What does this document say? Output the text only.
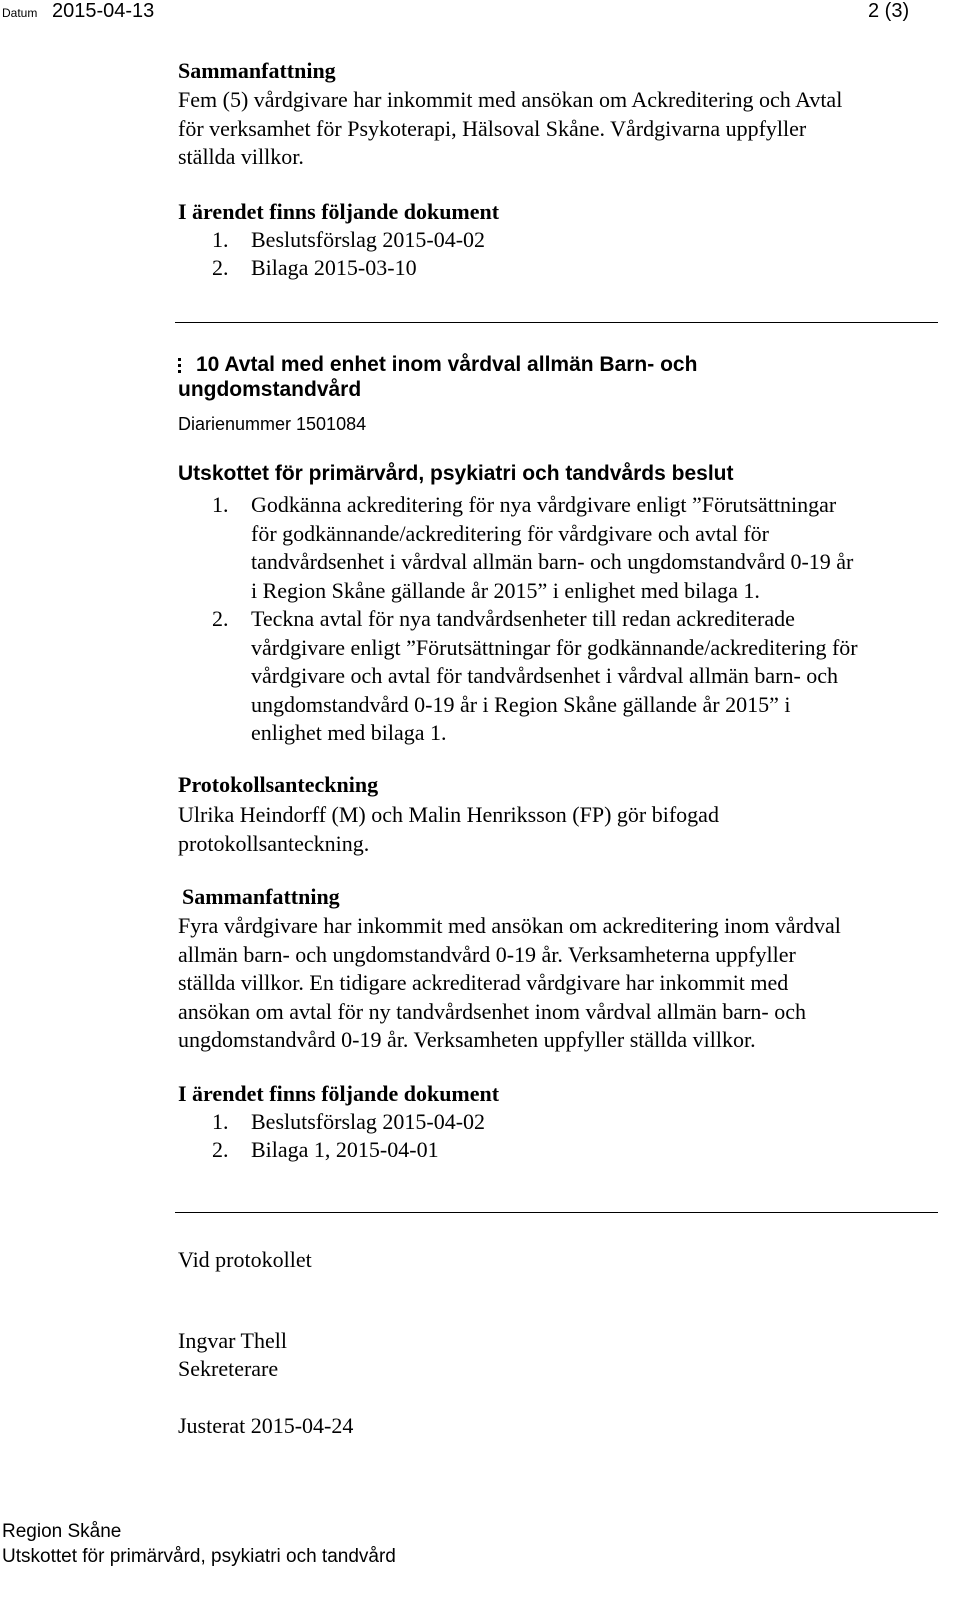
Datum 2015-04-13	2 (3)
Sammanfattning
Fem (5) vårdgivare har inkommit med ansökan om Ackreditering och Avtal
för verksamhet för Psykoterapi, Hälsoval Skåne. Vårdgivarna uppfyller
ställda villkor.
I ärendet finns följande dokument
1. Beslutsförslag 2015-04-02
2. Bilaga 2015-03-10
10 Avtal med enhet inom vårdval allmän Barn- och
ungdomstandvård
Diarienummer 1501084
Utskottet för primärvård, psykiatri och tandvårds beslut
1. Godkänna ackreditering för nya vårdgivare enligt ”Förutsättningar
för godkännande/ackreditering för vårdgivare och avtal för
tandvårdsenhet i vårdval allmän barn- och ungdomstandvård 0-19 år
i Region Skåne gällande år 2015” i enlighet med bilaga 1.
2. Teckna avtal för nya tandvårdsenheter till redan ackrediterade
vårdgivare enligt ”Förutsättningar för godkännande/ackreditering för
vårdgivare och avtal för tandvårdsenhet i vårdval allmän barn- och
ungdomstandvård 0-19 år i Region Skåne gällande år 2015” i
enlighet med bilaga 1.
Protokollsanteckning
Ulrika Heindorff (M) och Malin Henriksson (FP) gör bifogad
protokollsanteckning.
Sammanfattning
Fyra vårdgivare har inkommit med ansökan om ackreditering inom vårdval
allmän barn- och ungdomstandvård 0-19 år. Verksamheterna uppfyller
ställda villkor. En tidigare ackrediterad vårdgivare har inkommit med
ansökan om avtal för ny tandvårdsenhet inom vårdval allmän barn- och
ungdomstandvård 0-19 år. Verksamheten uppfyller ställda villkor.
I ärendet finns följande dokument
1. Beslutsförslag 2015-04-02
2. Bilaga 1, 2015-04-01
Vid protokollet
Ingvar Thell
Sekreterare
Justerat 2015-04-24
Region Skåne
Utskottet för primärvård, psykiatri och tandvård
